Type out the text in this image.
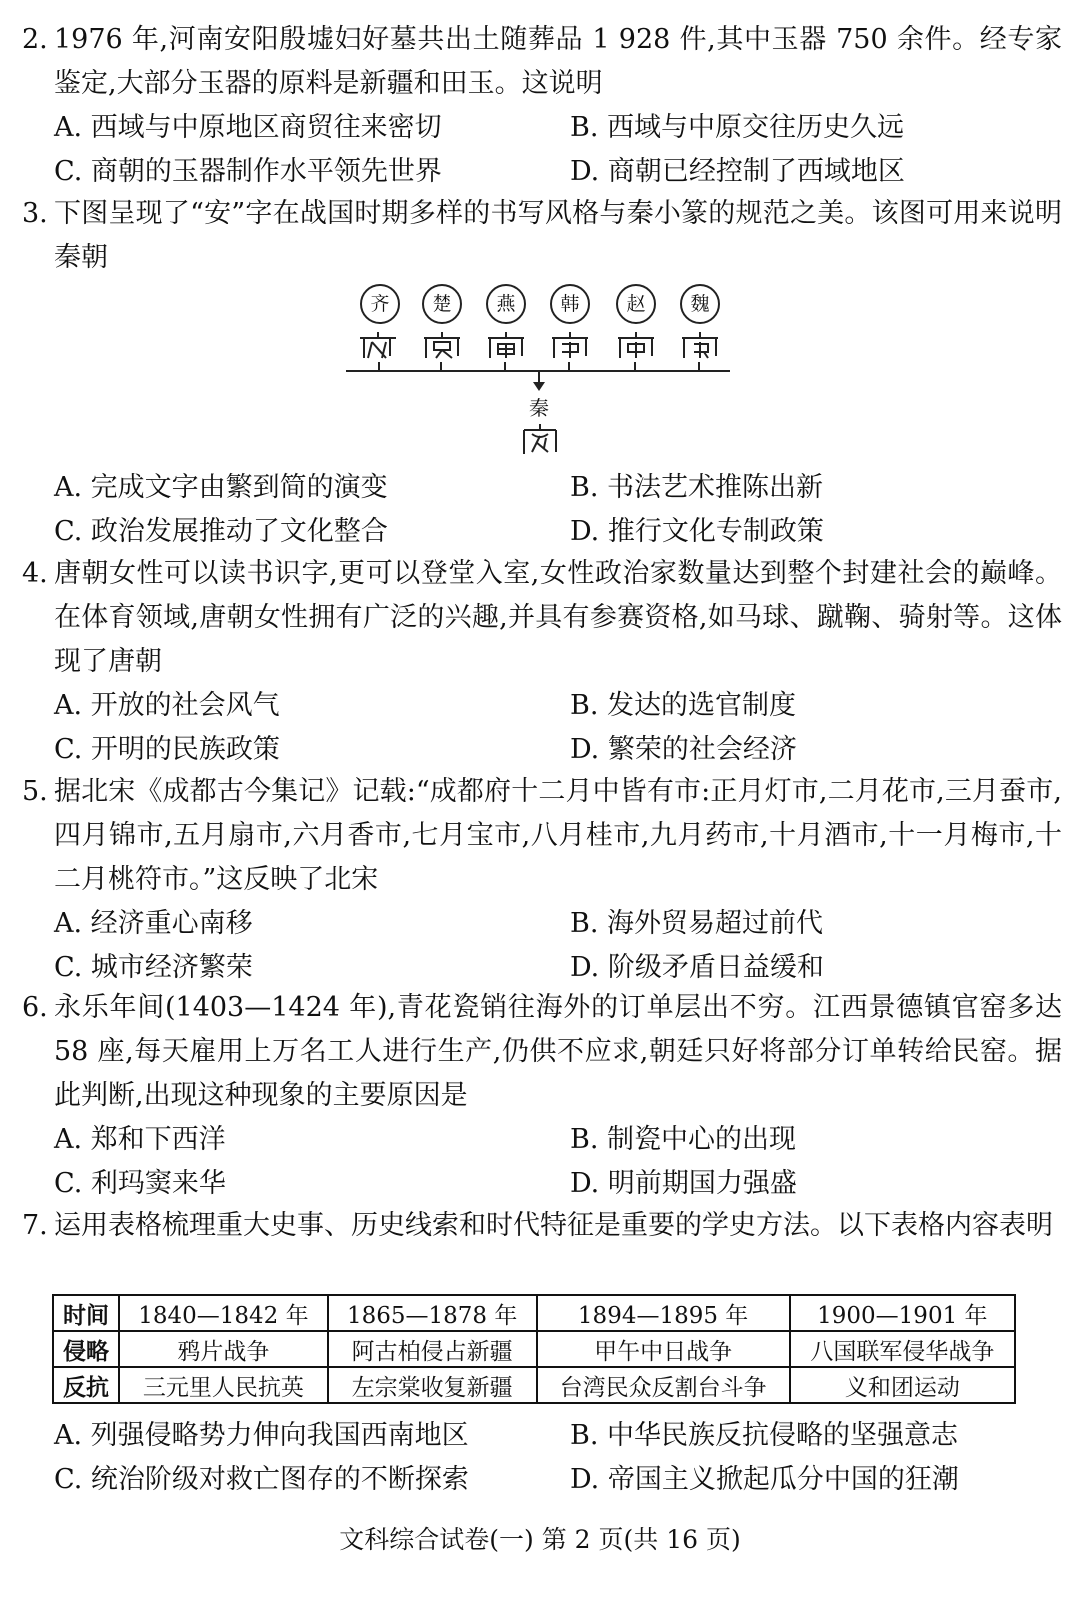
2. 1976 年,河南安阳殷墟妇好墓共出土随葬品 1 928 件,其中玉器 750 余件。经专家鉴定,大部分玉器的原料是新疆和田玉。这说明
A. 西域与中原地区商贸往来密切	B. 西域与中原交往历史久远
C. 商朝的玉器制作水平领先世界	D. 商朝已经控制了西域地区
3. 下图呈现了“安”字在战国时期多样的书写风格与秦小篆的规范之美。该图可用来说明秦朝
齐	楚	燕	韩	赵	魏
秦
A. 完成文字由繁到简的演变	B. 书法艺术推陈出新
C. 政治发展推动了文化整合	D. 推行文化专制政策
4. 唐朝女性可以读书识字,更可以登堂入室,女性政治家数量达到整个封建社会的巅峰。在体育领域,唐朝女性拥有广泛的兴趣,并具有参赛资格,如马球、蹴鞠、骑射等。这体现了唐朝
A. 开放的社会风气	B. 发达的选官制度
C. 开明的民族政策	D. 繁荣的社会经济
5. 据北宋《成都古今集记》记载:“成都府十二月中皆有市:正月灯市,二月花市,三月蚕市,四月锦市,五月扇市,六月香市,七月宝市,八月桂市,九月药市,十月酒市,十一月梅市,十二月桃符市。”这反映了北宋
A. 经济重心南移	B. 海外贸易超过前代
C. 城市经济繁荣	D. 阶级矛盾日益缓和
6. 永乐年间(1403—1424 年),青花瓷销往海外的订单层出不穷。江西景德镇官窑多达 58 座,每天雇用上万名工人进行生产,仍供不应求,朝廷只好将部分订单转给民窑。据此判断,出现这种现象的主要原因是
A. 郑和下西洋	B. 制瓷中心的出现
C. 利玛窦来华	D. 明前期国力强盛
7. 运用表格梳理重大史事、历史线索和时代特征是重要的学史方法。以下表格内容表明
时间	1840—1842 年	1865—1878 年	1894—1895 年	1900—1901 年
侵略	鸦片战争	阿古柏侵占新疆	甲午中日战争	八国联军侵华战争
反抗	三元里人民抗英	左宗棠收复新疆	台湾民众反割台斗争	义和团运动
A. 列强侵略势力伸向我国西南地区	B. 中华民族反抗侵略的坚强意志
C. 统治阶级对救亡图存的不断探索	D. 帝国主义掀起瓜分中国的狂潮
文科综合试卷(一) 第 2 页(共 16 页)
